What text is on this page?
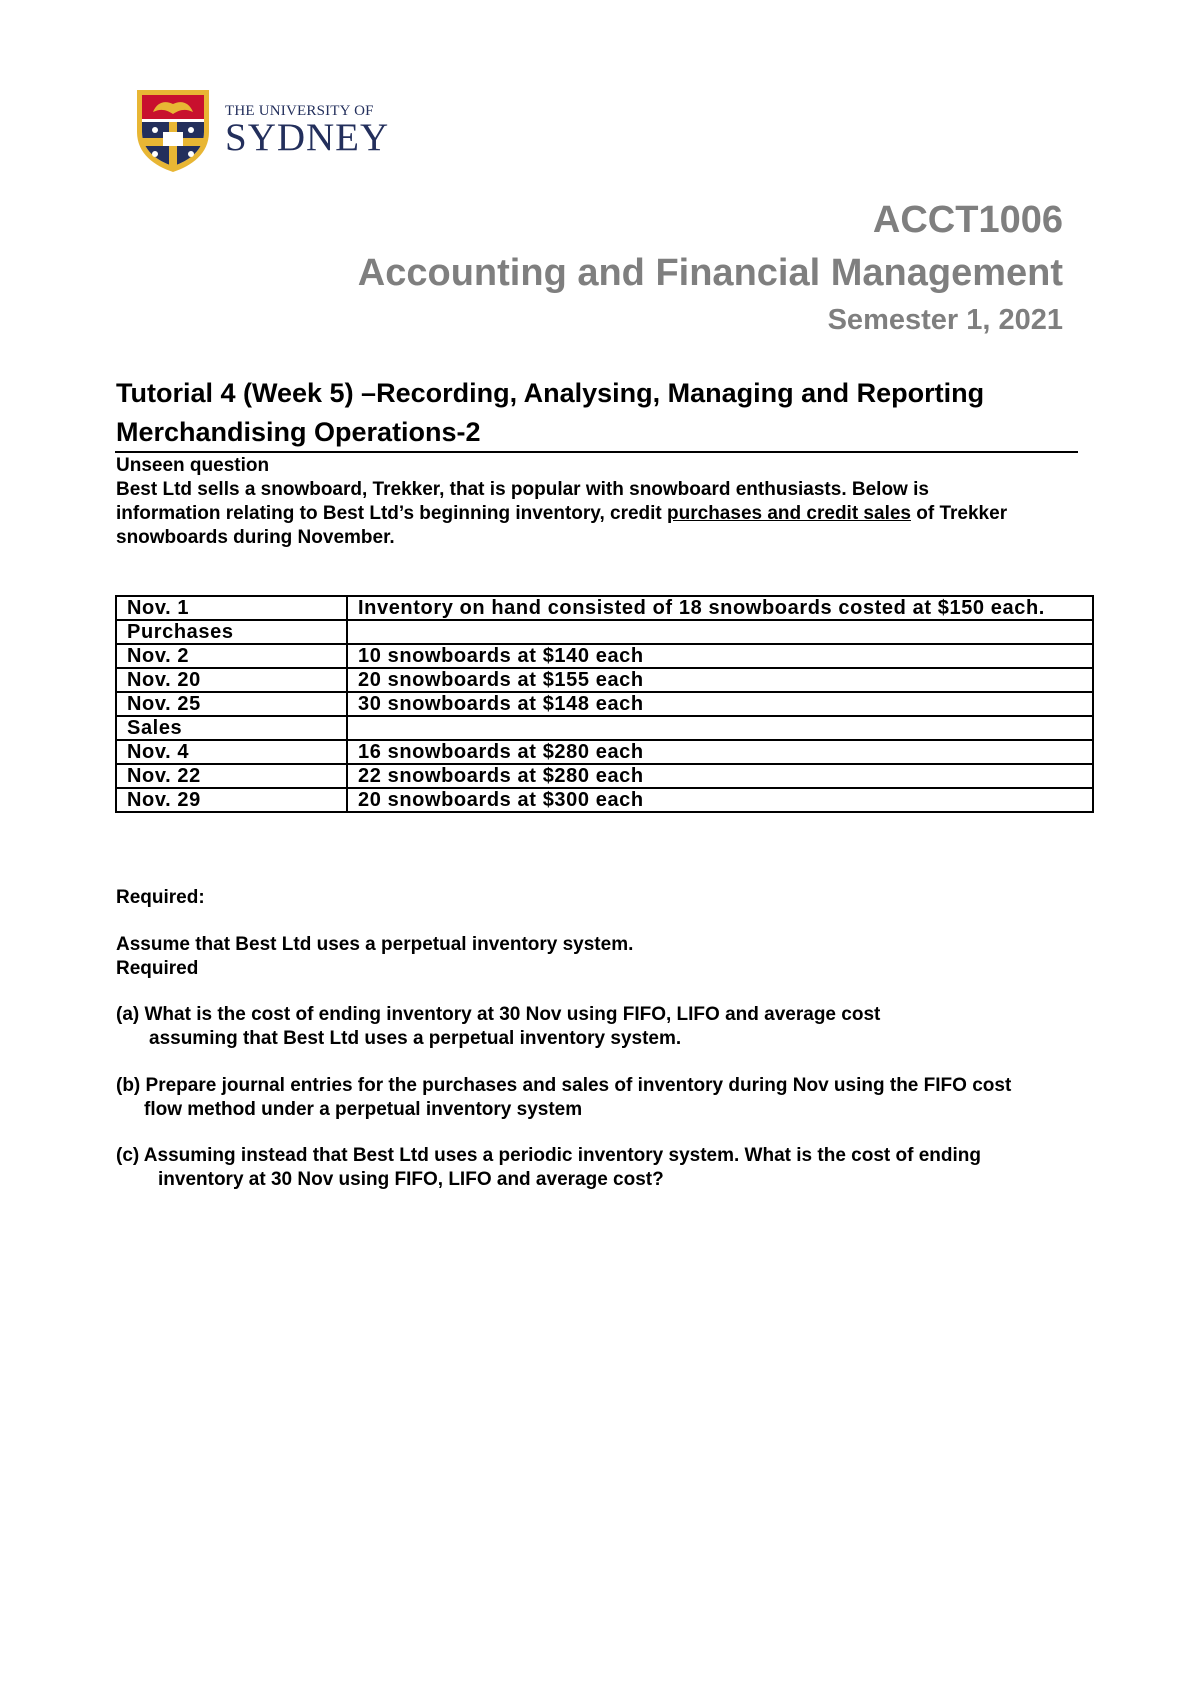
THE UNIVERSITY OF
SYDNEY
ACCT1006
Accounting and Financial Management
Semester 1, 2021
Tutorial 4 (Week 5) –Recording, Analysing, Managing and Reporting
Merchandising Operations-2
Unseen question
Best Ltd sells a snowboard, Trekker, that is popular with snowboard enthusiasts. Below is
information relating to Best Ltd’s beginning inventory, credit purchases and credit sales of Trekker
snowboards during November.
Nov. 1	Inventory on hand consisted of 18 snowboards costed at $150 each.
Purchases	
Nov. 2	10 snowboards at $140 each
Nov. 20	20 snowboards at $155 each
Nov. 25	30 snowboards at $148 each
Sales	
Nov. 4	16 snowboards at $280 each
Nov. 22	22 snowboards at $280 each
Nov. 29	20 snowboards at $300 each
Required:
Assume that Best Ltd uses a perpetual inventory system.
Required
(a) What is the cost of ending inventory at 30 Nov using FIFO, LIFO and average cost
assuming that Best Ltd uses a perpetual inventory system.
(b) Prepare journal entries for the purchases and sales of inventory during Nov using the FIFO cost
flow method under a perpetual inventory system
(c) Assuming instead that Best Ltd uses a periodic inventory system. What is the cost of ending
inventory at 30 Nov using FIFO, LIFO and average cost?
